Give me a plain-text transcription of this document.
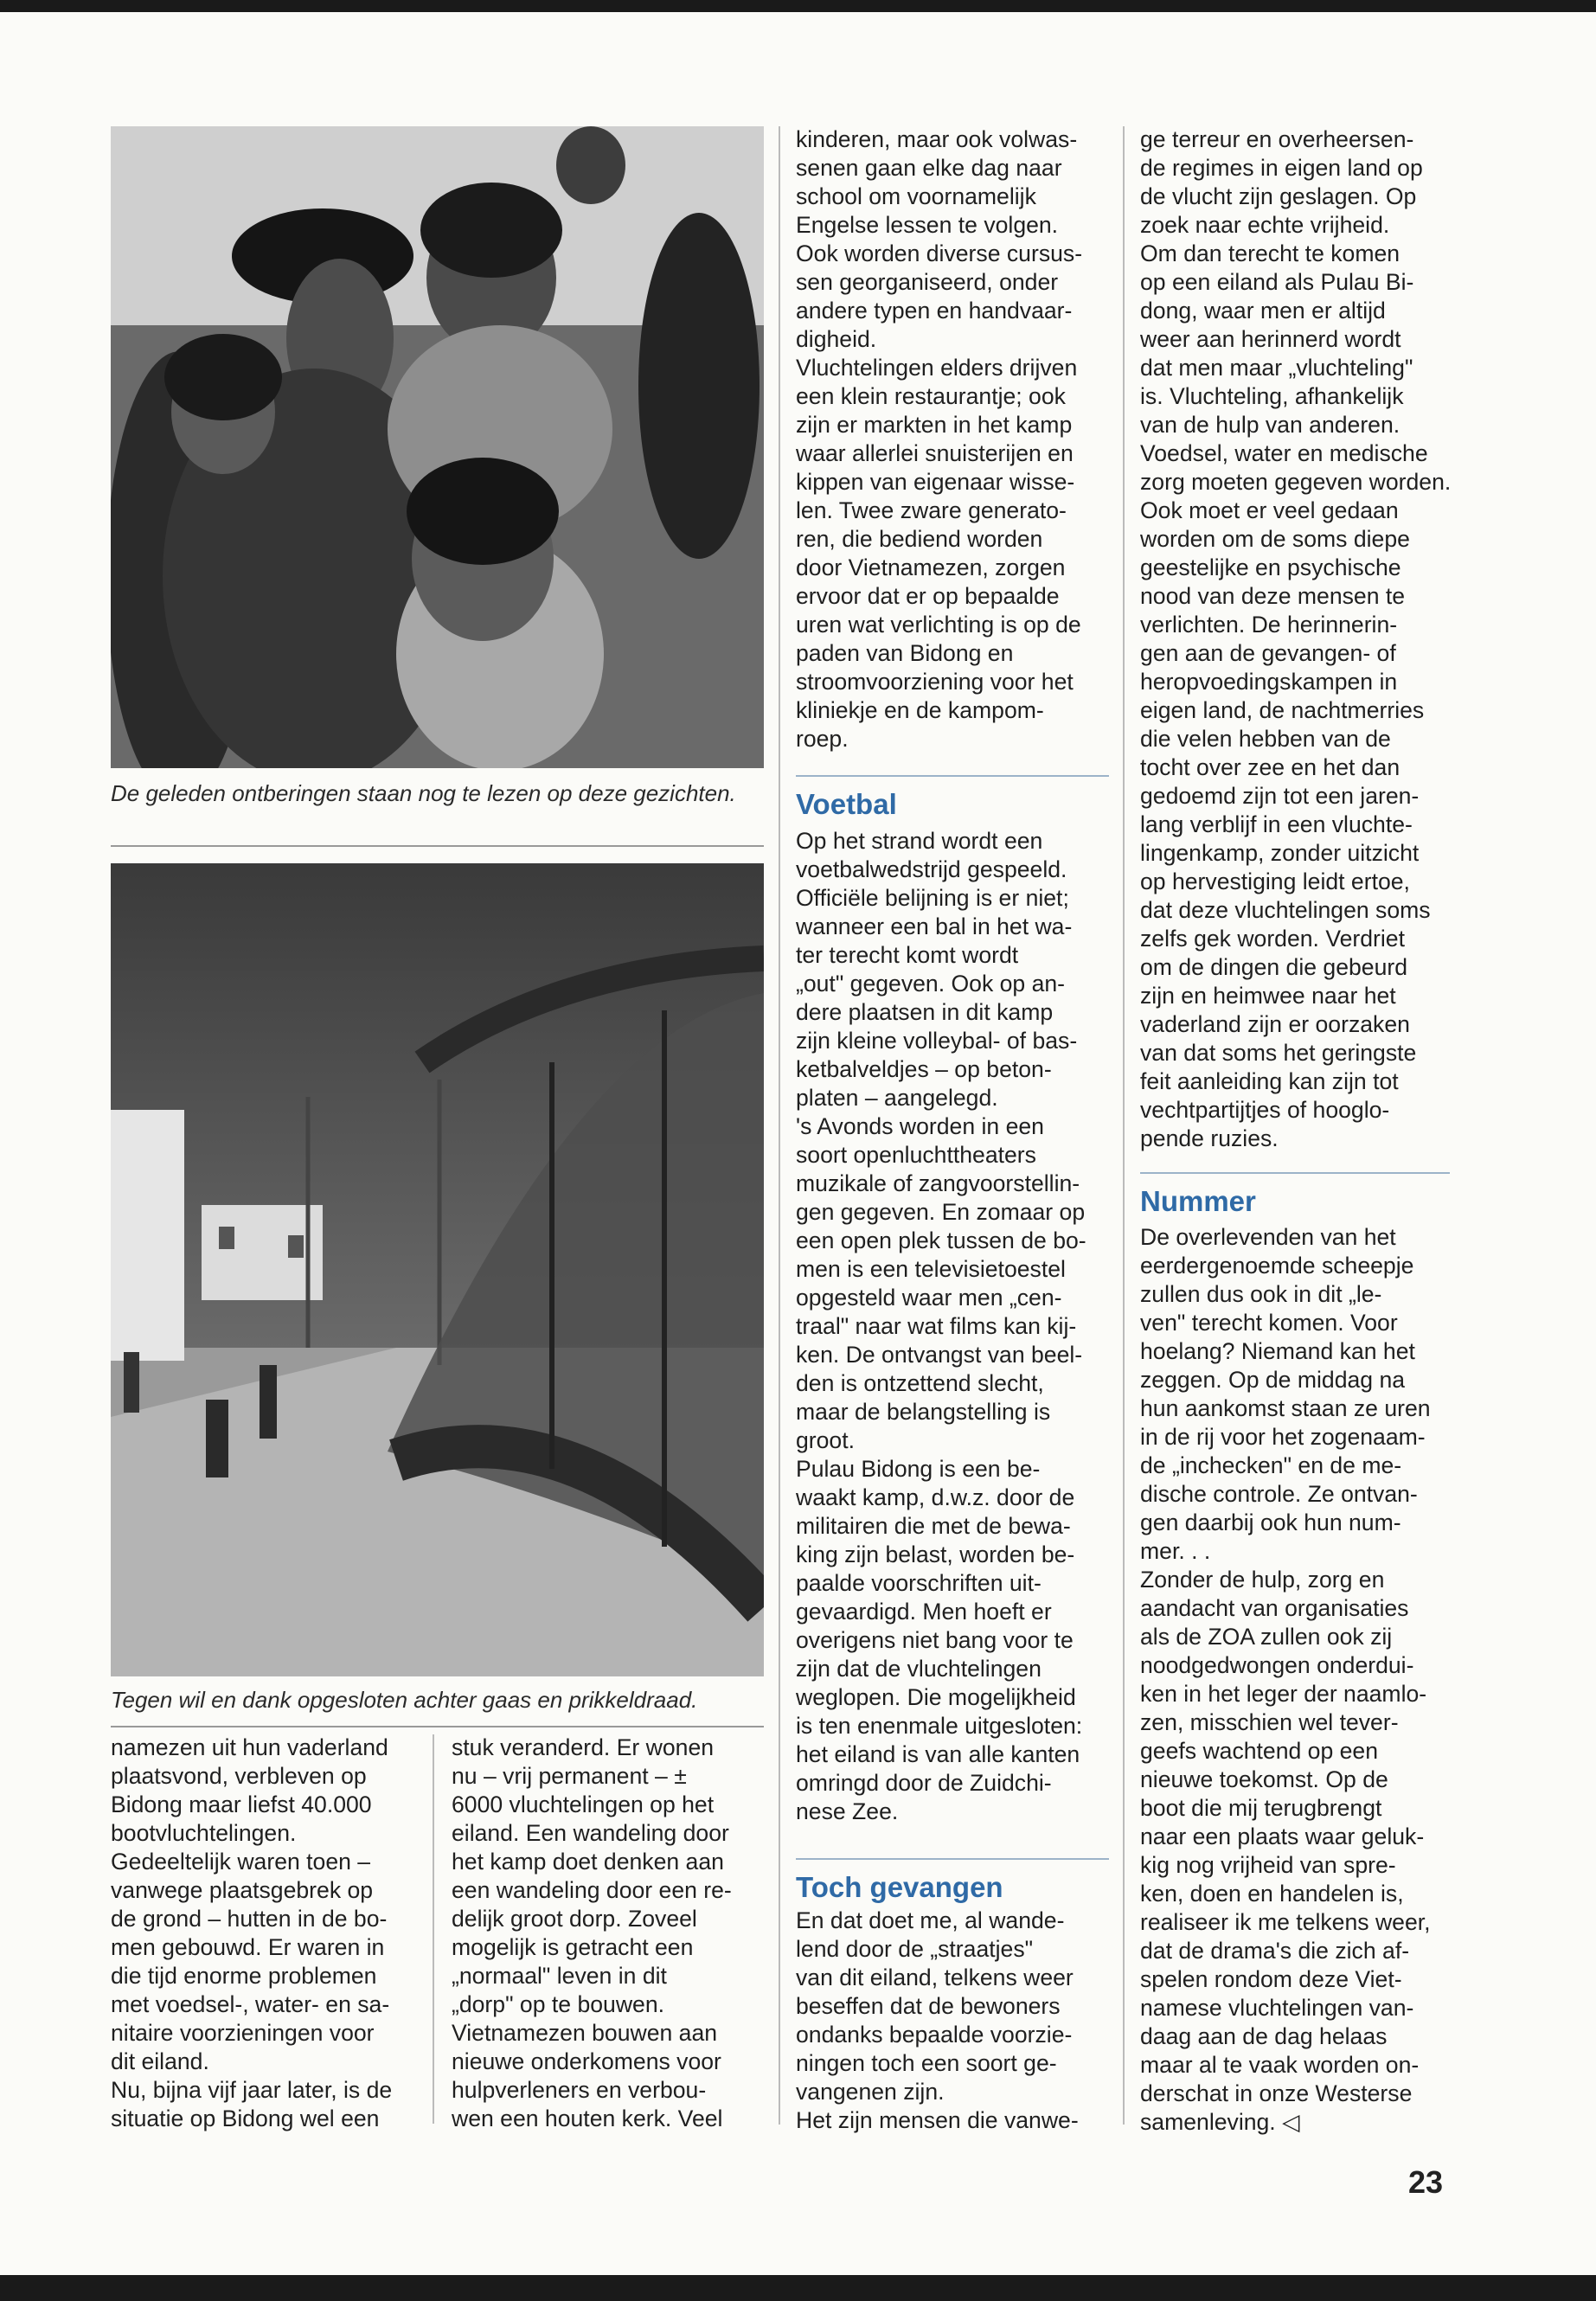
De geleden ontberingen staan nog te lezen op deze gezichten.
Tegen wil en dank opgesloten achter gaas en prikkeldraad.

namezen uit hun vaderland plaatsvond, verbleven op

Bidong maar liefst 40.000

bootvluchtelingen.

Gedeeltelijk waren toen –

vanwege plaatsgebrek op

de grond – hutten in de bo-

men gebouwd. Er waren in

die tijd enorme problemen

met voedsel-, water- en sa-

nitaire voorzieningen voor

dit eiland.

Nu, bijna vijf jaar later, is de

situatie op Bidong wel een

stuk veranderd. Er wonen

nu – vrij permanent – ±

6000 vluchtelingen op het

eiland. Een wandeling door

het kamp doet denken aan

een wandeling door een re-

delijk groot dorp. Zoveel

mogelijk is getracht een

„normaal" leven in dit

„dorp" op te bouwen.

Vietnamezen bouwen aan

nieuwe onderkomens voor

hulpverleners en verbou-

wen een houten kerk. Veel

kinderen, maar ook volwas-

senen gaan elke dag naar

school om voornamelijk

Engelse lessen te volgen.

Ook worden diverse cursus-

sen georganiseerd, onder

andere typen en handvaar-

digheid.

Vluchtelingen elders drijven

een klein restaurantje; ook

zijn er markten in het kamp

waar allerlei snuisterijen en

kippen van eigenaar wisse-

len. Twee zware generato-

ren, die bediend worden

door Vietnamezen, zorgen

ervoor dat er op bepaalde

uren wat verlichting is op de

paden van Bidong en

stroomvoorziening voor het

kliniekje en de kampom-

roep.

Voetbal

Op het strand wordt een

voetbalwedstrijd gespeeld.

Officiële belijning is er niet;

wanneer een bal in het wa-

ter terecht komt wordt

„out" gegeven. Ook op an-

dere plaatsen in dit kamp

zijn kleine volleybal- of bas-

ketbalveldjes – op beton-

platen – aangelegd.

's Avonds worden in een

soort openluchttheaters

muzikale of zangvoorstellin-

gen gegeven. En zomaar op

een open plek tussen de bo-

men is een televisietoestel

opgesteld waar men „cen-

traal" naar wat films kan kij-

ken. De ontvangst van beel-

den is ontzettend slecht,

maar de belangstelling is

groot.

Pulau Bidong is een be-

waakt kamp, d.w.z. door de

militairen die met de bewa-

king zijn belast, worden be-

paalde voorschriften uit-

gevaardigd. Men hoeft er

overigens niet bang voor te

zijn dat de vluchtelingen

weglopen. Die mogelijkheid

is ten enenmale uitgesloten:

het eiland is van alle kanten

omringd door de Zuidchi-

nese Zee.

Toch gevangen

En dat doet me, al wande-

lend door de „straatjes"

van dit eiland, telkens weer

beseffen dat de bewoners

ondanks bepaalde voorzie-

ningen toch een soort ge-

vangenen zijn.

Het zijn mensen die vanwe-

ge terreur en overheersen-

de regimes in eigen land op

de vlucht zijn geslagen. Op

zoek naar echte vrijheid.

Om dan terecht te komen

op een eiland als Pulau Bi-

dong, waar men er altijd

weer aan herinnerd wordt

dat men maar „vluchteling"

is. Vluchteling, afhankelijk

van de hulp van anderen.

Voedsel, water en medische

zorg moeten gegeven worden.

Ook moet er veel gedaan

worden om de soms diepe

geestelijke en psychische

nood van deze mensen te

verlichten. De herinnerin-

gen aan de gevangen- of

heropvoedingskampen in

eigen land, de nachtmerries

die velen hebben van de

tocht over zee en het dan

gedoemd zijn tot een jaren-

lang verblijf in een vluchte-

lingenkamp, zonder uitzicht

op hervestiging leidt ertoe,

dat deze vluchtelingen soms

zelfs gek worden. Verdriet

om de dingen die gebeurd

zijn en heimwee naar het

vaderland zijn er oorzaken

van dat soms het geringste

feit aanleiding kan zijn tot

vechtpartijtjes of hooglo-

pende ruzies.

Nummer

De overlevenden van het

eerdergenoemde scheepje

zullen dus ook in dit „le-

ven" terecht komen. Voor

hoelang? Niemand kan het

zeggen. Op de middag na

hun aankomst staan ze uren

in de rij voor het zogenaam-

de „inchecken" en de me-

dische controle. Ze ontvan-

gen daarbij ook hun num-

mer. . .

Zonder de hulp, zorg en

aandacht van organisaties

als de ZOA zullen ook zij

noodgedwongen onderdui-

ken in het leger der naamlo-

zen, misschien wel tever-

geefs wachtend op een

nieuwe toekomst. Op de

boot die mij terugbrengt

naar een plaats waar geluk-

kig nog vrijheid van spre-

ken, doen en handelen is,

realiseer ik me telkens weer,

dat de drama's die zich af-

spelen rondom deze Viet-

namese vluchtelingen van-

daag aan de dag helaas

maar al te vaak worden on-

derschat in onze Westerse

samenleving. ◁

23
